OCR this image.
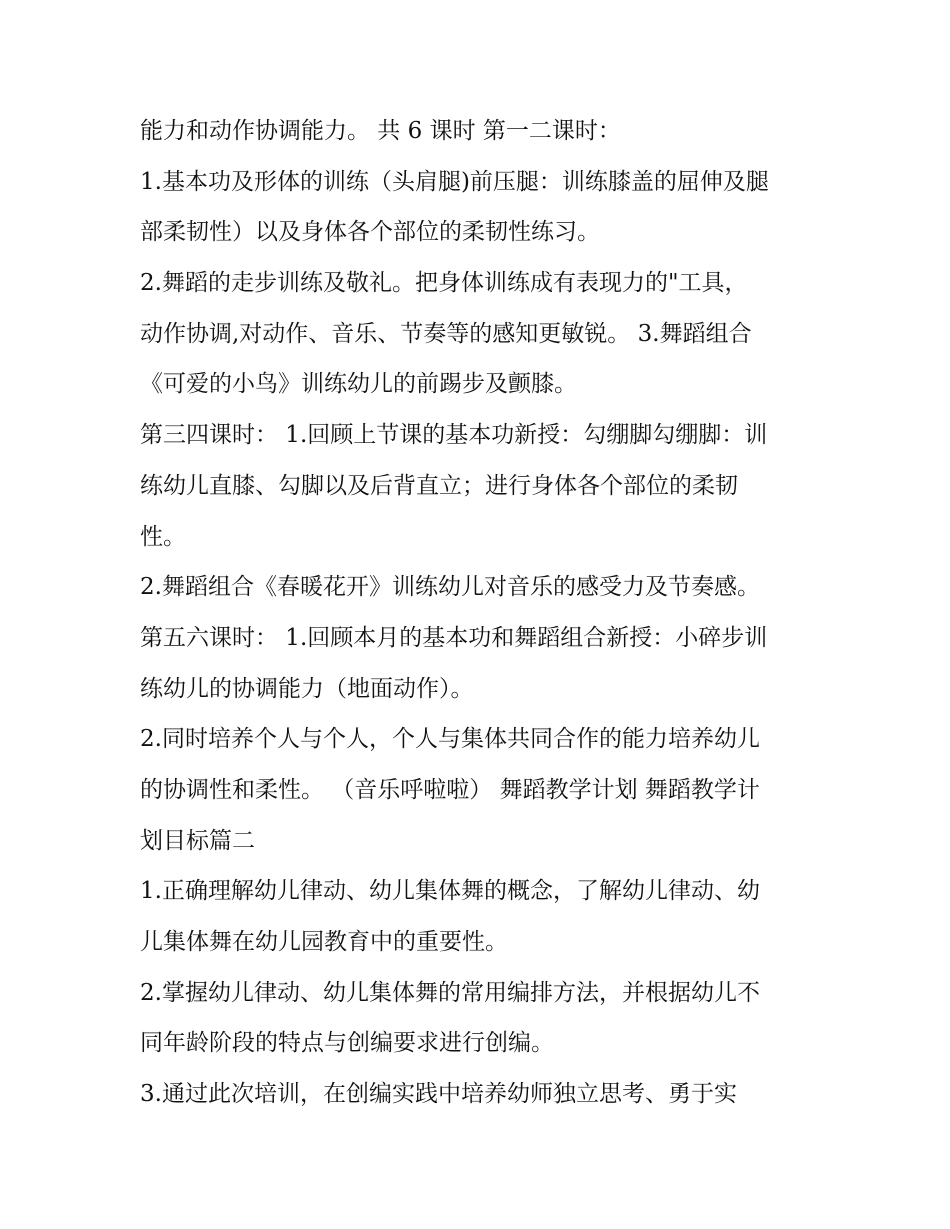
能力和动作协调能力。 共 6 课时 第一二课时：
1.基本功及形体的训练（头肩腿)前压腿：训练膝盖的屈伸及腿
部柔韧性）以及身体各个部位的柔韧性练习。
2.舞蹈的走步训练及敬礼。把身体训练成有表现力的"工具，
动作协调,对动作、音乐、节奏等的感知更敏锐。 3.舞蹈组合
《可爱的小鸟》训练幼儿的前踢步及颤膝。
第三四课时： 1.回顾上节课的基本功新授：勾绷脚勾绷脚：训
练幼儿直膝、勾脚以及后背直立；进行身体各个部位的柔韧
性。
2.舞蹈组合《春暖花开》训练幼儿对音乐的感受力及节奏感。
第五六课时： 1.回顾本月的基本功和舞蹈组合新授：小碎步训
练幼儿的协调能力（地面动作）。
2.同时培养个人与个人，个人与集体共同合作的能力培养幼儿
的协调性和柔性。 （音乐呼啦啦） 舞蹈教学计划 舞蹈教学计
划目标篇二
1.正确理解幼儿律动、幼儿集体舞的概念，了解幼儿律动、幼
儿集体舞在幼儿园教育中的重要性。
2.掌握幼儿律动、幼儿集体舞的常用编排方法，并根据幼儿不
同年龄阶段的特点与创编要求进行创编。
3.通过此次培训，在创编实践中培养幼师独立思考、勇于实
